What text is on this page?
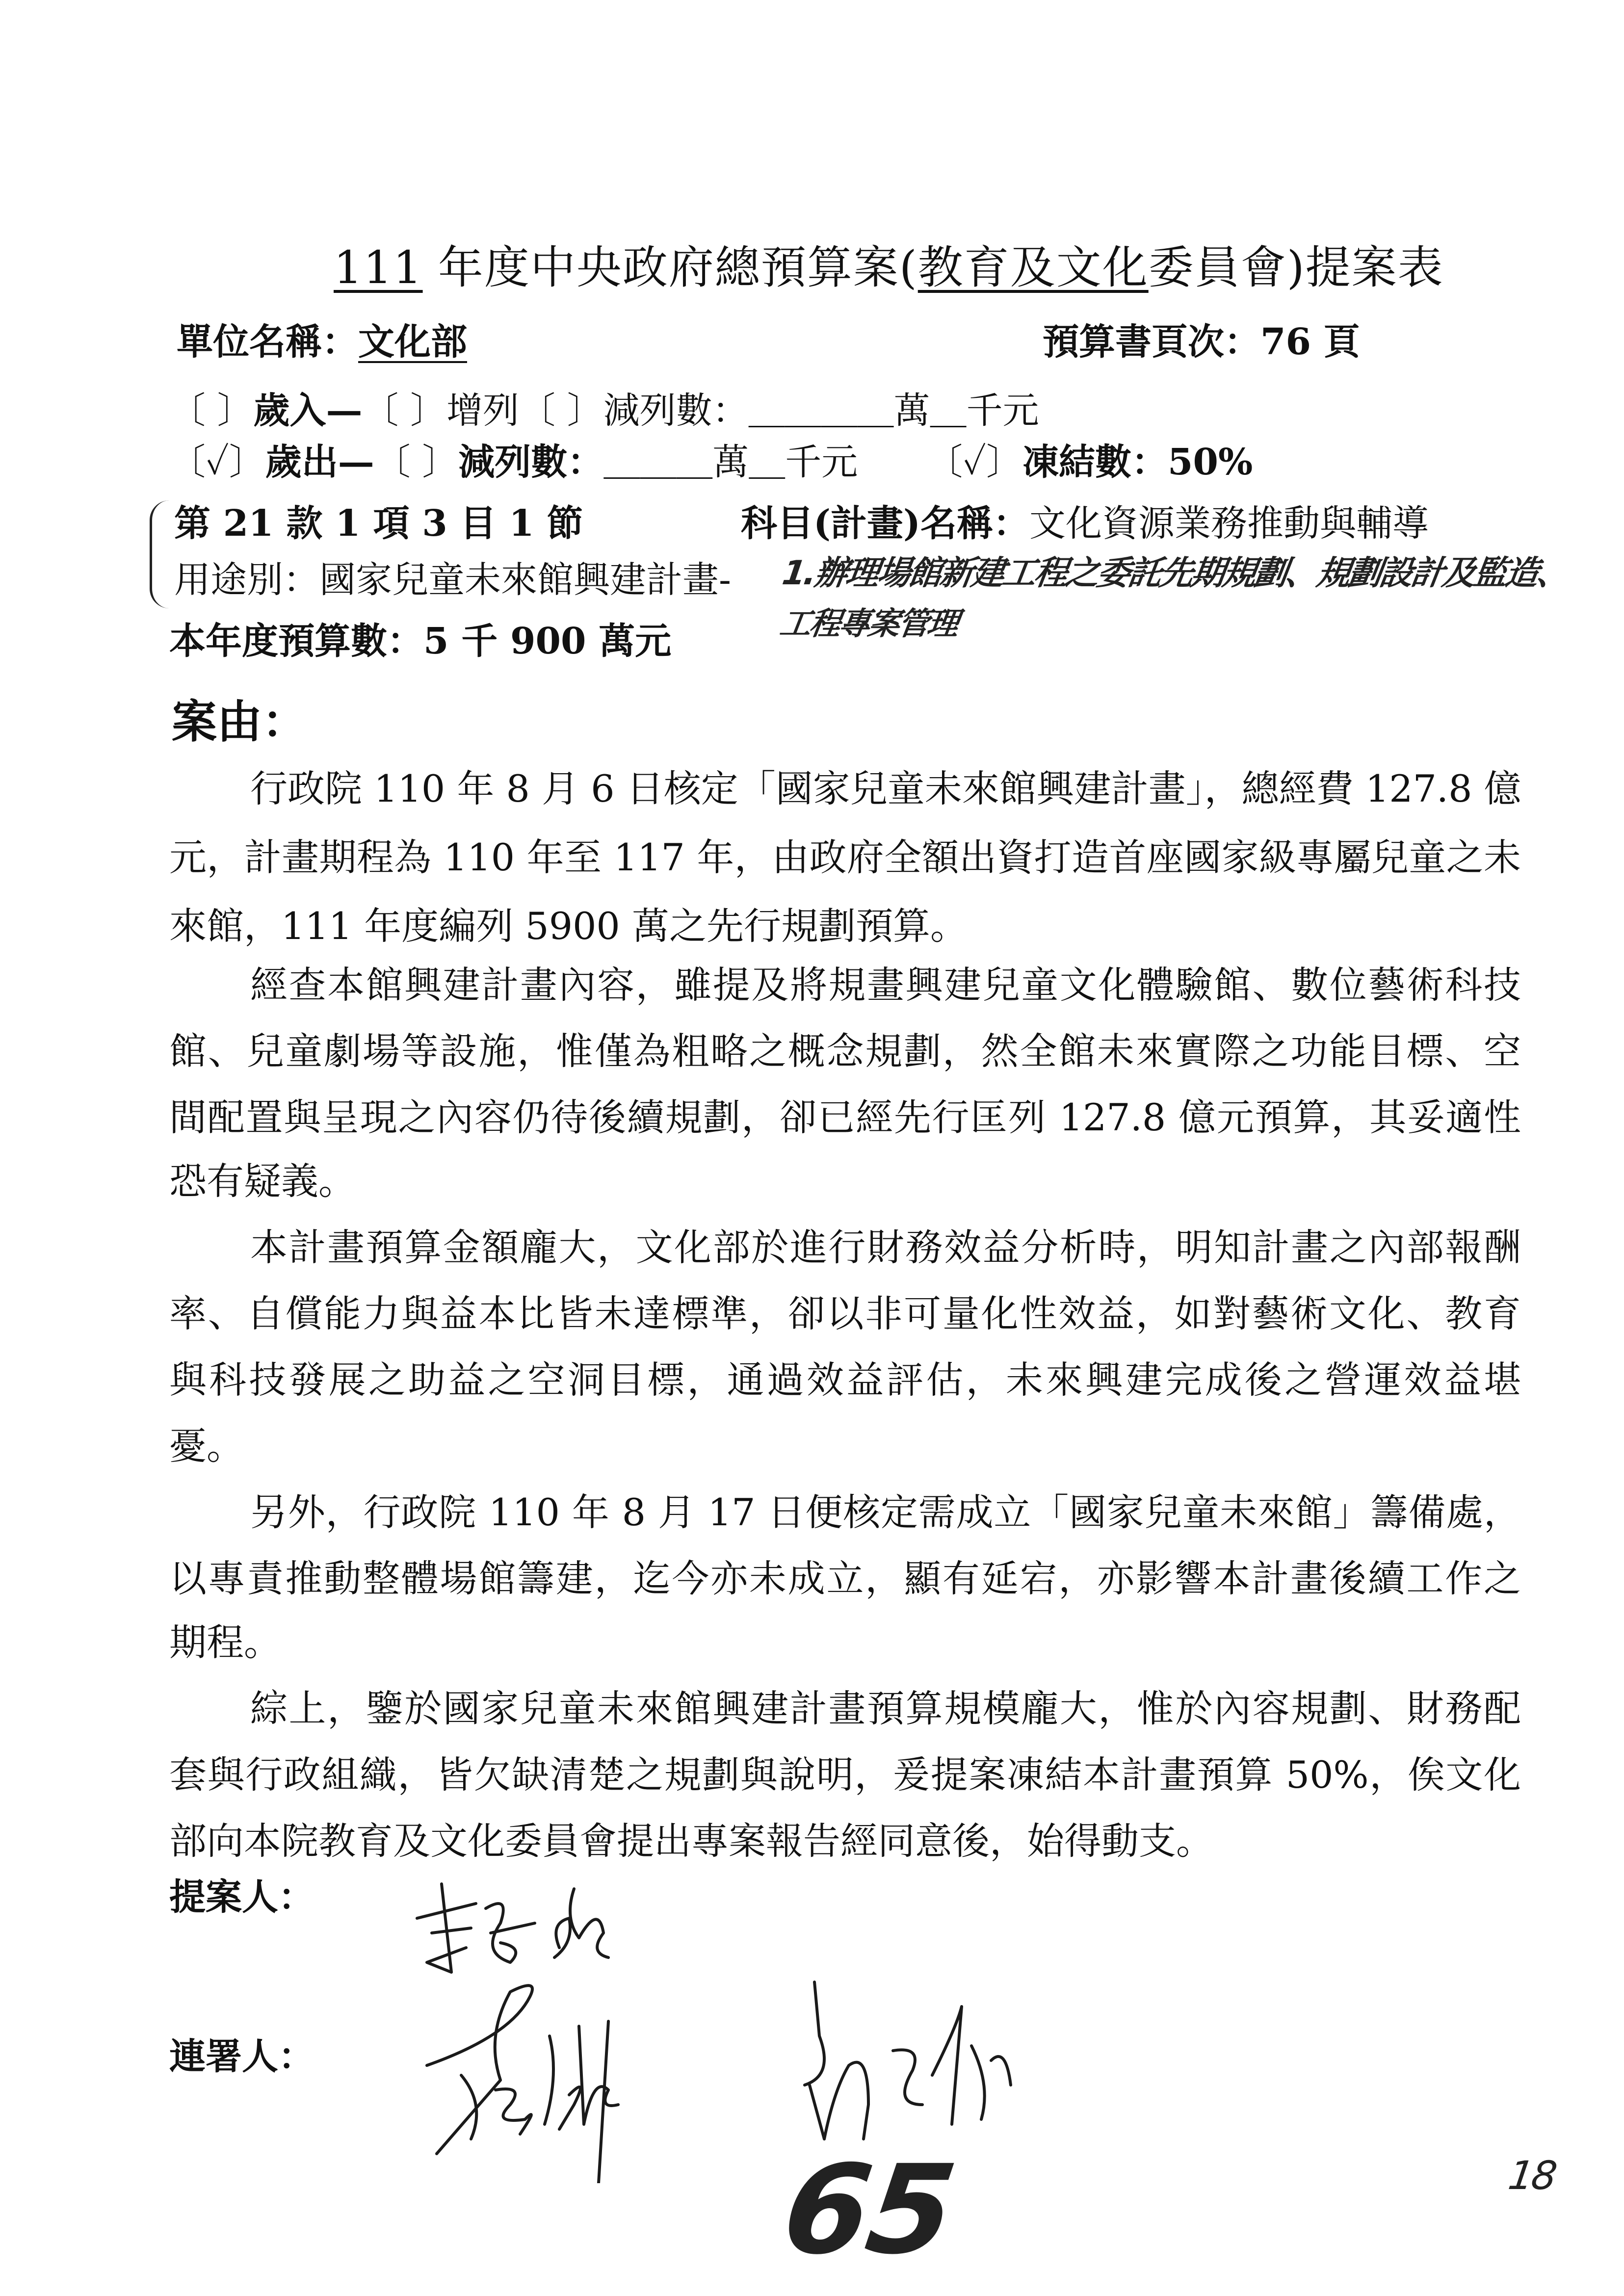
111 年度中央政府總預算案(教育及文化委員會)提案表
單位名稱：文化部	預算書頁次：76 頁
〔 〕歲入—〔 〕增列〔 〕減列數：＿＿＿＿萬＿千元
〔✓〕歲出—〔 〕減列數：＿＿＿萬＿千元 〔✓〕凍結數：50%
第 21 款 1 項 3 目 1 節	科目(計畫)名稱：文化資源業務推動與輔導
用途別：國家兒童未來館興建計畫- 1.辦理場館新建工程之委託先期規劃、規劃設計及監造、
工程專案管理
本年度預算數：5 千 900 萬元
案由：
行政院 110 年 8 月 6 日核定「國家兒童未來館興建計畫」，總經費 127.8 億
元，計畫期程為 110 年至 117 年，由政府全額出資打造首座國家級專屬兒童之未
來館，111 年度編列 5900 萬之先行規劃預算。
經查本館興建計畫內容，雖提及將規畫興建兒童文化體驗館、數位藝術科技
館、兒童劇場等設施，惟僅為粗略之概念規劃，然全館未來實際之功能目標、空
間配置與呈現之內容仍待後續規劃，卻已經先行匡列 127.8 億元預算，其妥適性
恐有疑義。
本計畫預算金額龐大，文化部於進行財務效益分析時，明知計畫之內部報酬
率、自償能力與益本比皆未達標準，卻以非可量化性效益，如對藝術文化、教育
與科技發展之助益之空洞目標，通過效益評估，未來興建完成後之營運效益堪
憂。
另外，行政院 110 年 8 月 17 日便核定需成立「國家兒童未來館」籌備處，
以專責推動整體場館籌建，迄今亦未成立，顯有延宕，亦影響本計畫後續工作之
期程。
綜上，鑒於國家兒童未來館興建計畫預算規模龐大，惟於內容規劃、財務配
套與行政組織，皆欠缺清楚之規劃與說明，爰提案凍結本計畫預算 50%，俟文化
部向本院教育及文化委員會提出專案報告經同意後，始得動支。
提案人：
連署人：
65	18
